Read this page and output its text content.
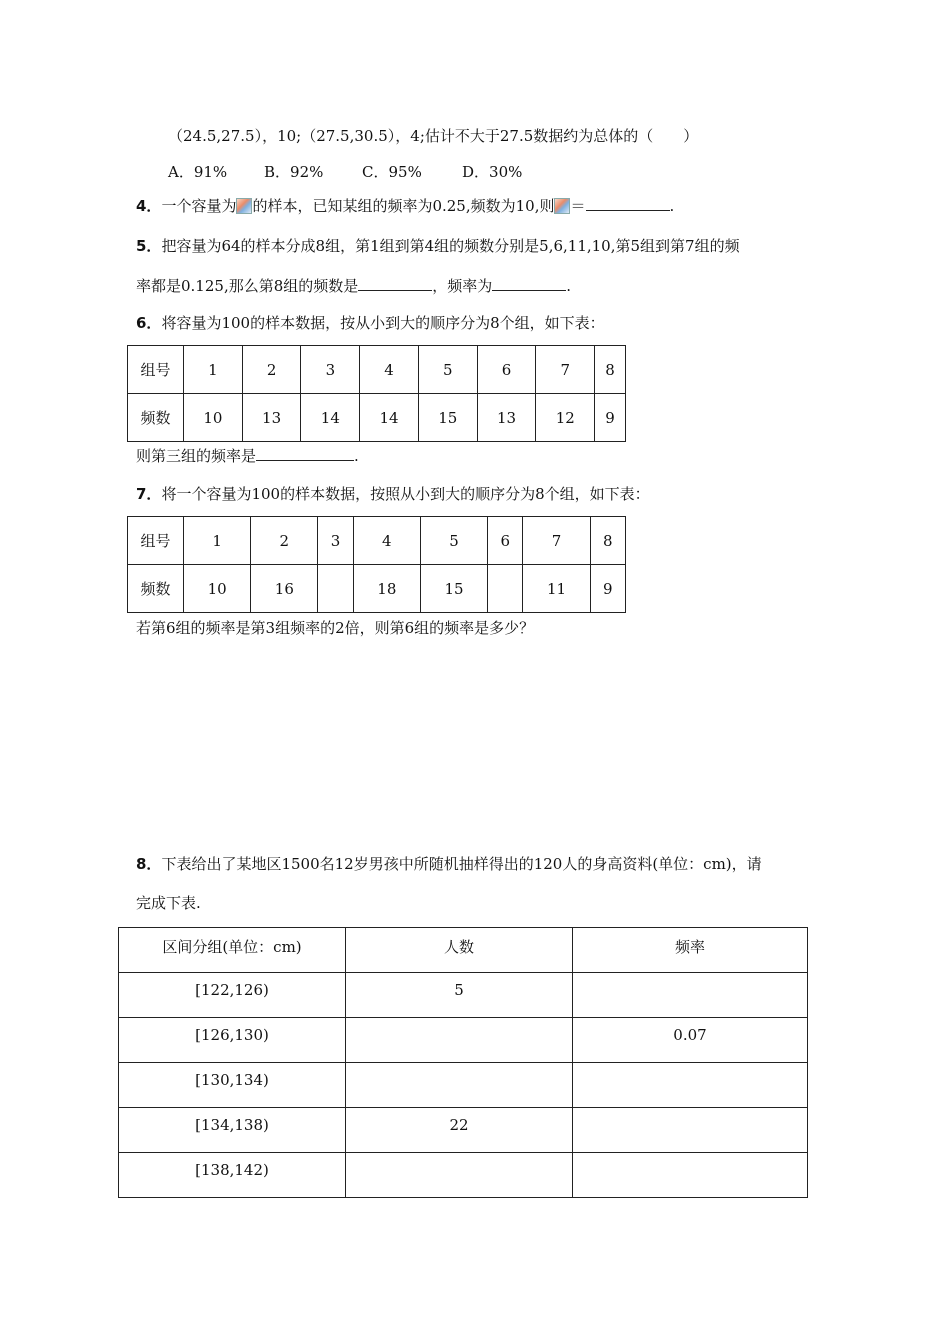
（24.5,27.5），10;（27.5,30.5），4;估计不大于27.5数据约为总体的（　　）
A．91% B．92%	C．95%	D．30%
4．一个容量为 的样本，已知某组的频率为0.25,频数为10,则 ＝	.
5．把容量为64的样本分成8组，第1组到第4组的频数分别是5,6,11,10,第5组到第7组的频
率都是0.125,那么第8组的频数是	，频率为	.
6．将容量为100的样本数据，按从小到大的顺序分为8个组，如下表：
组号	1	2	3	4	5	6	7	8
频数	10	13	14	14	15	13	12	9
则第三组的频率是	.
7．将一个容量为100的样本数据，按照从小到大的顺序分为8个组，如下表：
组号	1	2	3	4	5	6	7	8
频数	10	16		18	15		11	9
若第6组的频率是第3组频率的2倍，则第6组的频率是多少？
8．下表给出了某地区1500名12岁男孩中所随机抽样得出的120人的身高资料(单位：cm)，请
完成下表.
区间分组(单位：cm)	人数	频率
[122,126)	5	
[126,130)		0.07
[130,134)		
[134,138)	22	
[138,142)		
